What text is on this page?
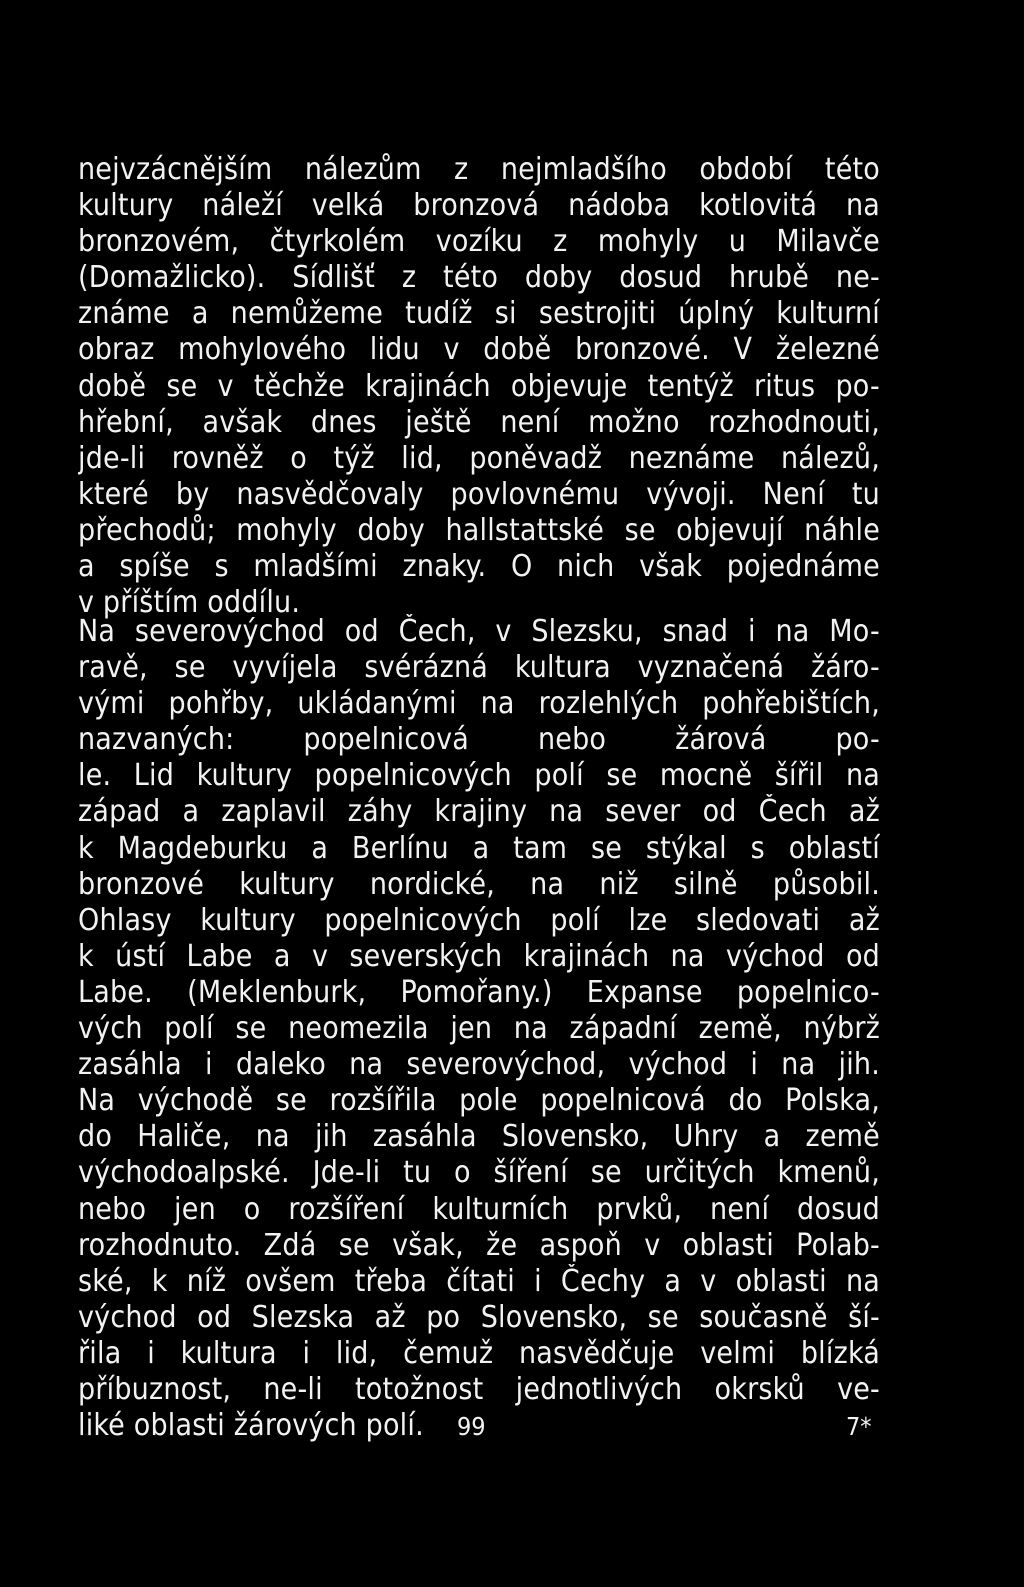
nejvzácnějším nálezům z nejmladšího období této
kultury náleží velká bronzová nádoba kotlovitá na
bronzovém, čtyrkolém vozíku z mohyly u Milavče
(Domažlicko). Sídlišť z této doby dosud hrubě ne-
známe a nemůžeme tudíž si sestrojiti úplný kulturní
obraz mohylového lidu v době bronzové. V železné
době se v těchže krajinách objevuje tentýž ritus po-
hřební, avšak dnes ještě není možno rozhodnouti,
jde-li rovněž o týž lid, poněvadž neznáme nálezů,
které by nasvědčovaly povlovnému vývoji. Není tu
přechodů; mohyly doby hallstattské se objevují náhle
a spíše s mladšími znaky. O nich však pojednáme
v příštím oddílu.
Na severovýchod od Čech, v Slezsku, snad i na Mo-
ravě, se vyvíjela svérázná kultura vyznačená žáro-
vými pohřby, ukládanými na rozlehlých pohřebištích,
nazvaných: popelnicová nebo žárová po-
le. Lid kultury popelnicových polí se mocně šířil na
západ a zaplavil záhy krajiny na sever od Čech až
k Magdeburku a Berlínu a tam se stýkal s oblastí
bronzové kultury nordické, na niž silně působil.
Ohlasy kultury popelnicových polí lze sledovati až
k ústí Labe a v severských krajinách na východ od
Labe. (Meklenburk, Pomořany.) Expanse popelnico-
vých polí se neomezila jen na západní země, nýbrž
zasáhla i daleko na severovýchod, východ i na jih.
Na východě se rozšířila pole popelnicová do Polska,
do Haliče, na jih zasáhla Slovensko, Uhry a země
východoalpské. Jde-li tu o šíření se určitých kmenů,
nebo jen o rozšíření kulturních prvků, není dosud
rozhodnuto. Zdá se však, že aspoň v oblasti Polab-
ské, k níž ovšem třeba čítati i Čechy a v oblasti na
východ od Slezska až po Slovensko, se současně ší-
řila i kultura i lid, čemuž nasvědčuje velmi blízká
příbuznost, ne-li totožnost jednotlivých okrsků ve-
liké oblasti žárových polí.	99	7*
